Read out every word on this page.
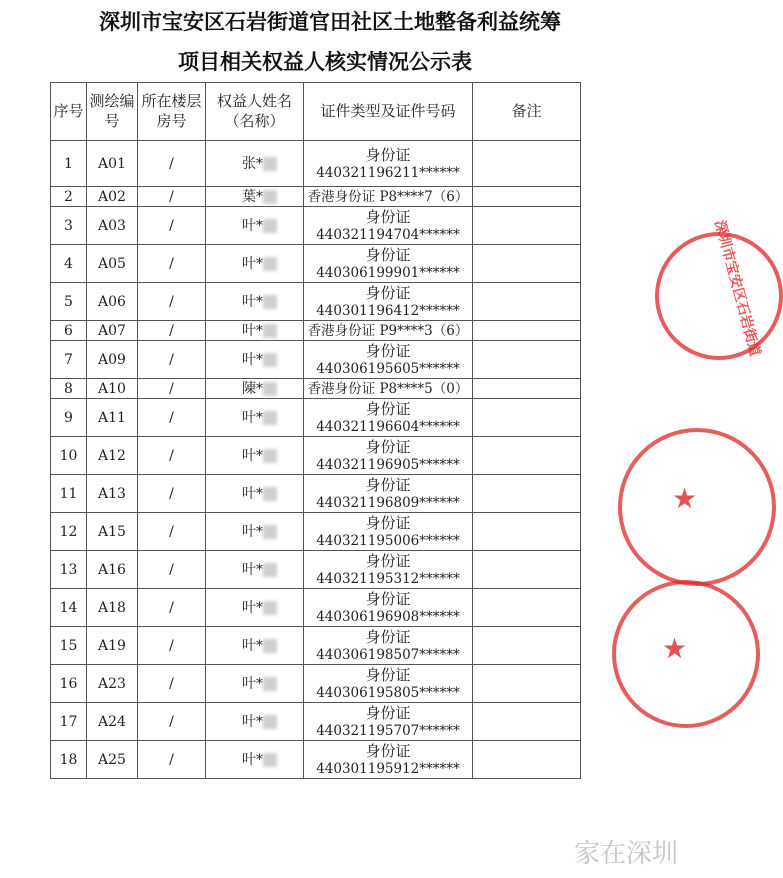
深圳市宝安区石岩街道官田社区土地整备利益统筹
项目相关权益人核实情况公示表
序号	测绘编号	所在楼层房号	权益人姓名（名称）	证件类型及证件号码	备注
1	A01	/	张*	身份证
440321196211******	
2	A02	/	葉*	香港身份证 P8****7（6）	
3	A03	/	叶*	身份证
440321194704******	
4	A05	/	叶*	身份证
440306199901******	
5	A06	/	叶*	身份证
440301196412******	
6	A07	/	叶*	香港身份证 P9****3（6）	
7	A09	/	叶*	身份证
440306195605******	
8	A10	/	陳*	香港身份证 P8****5（0）	
9	A11	/	叶*	身份证
440321196604******	
10	A12	/	叶*	身份证
440321196905******	
11	A13	/	叶*	身份证
440321196809******	
12	A15	/	叶*	身份证
440321195006******	
13	A16	/	叶*	身份证
440321195312******	
14	A18	/	叶*	身份证
440306196908******	
15	A19	/	叶*	身份证
440306198507******	
16	A23	/	叶*	身份证
440306195805******	
17	A24	/	叶*	身份证
440321195707******	
18	A25	/	叶*	身份证
440301195912******	
深圳市宝安区石岩街道
★
★
家在深圳
